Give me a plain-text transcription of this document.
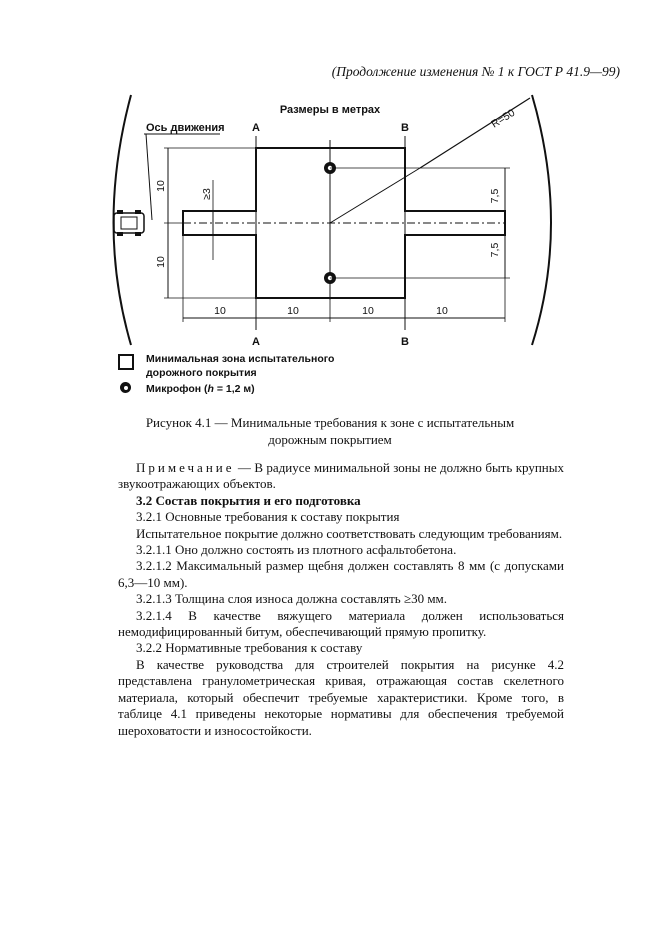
(Продолжение изменения № 1 к ГОСТ Р 41.9—99)
Размеры в метрах
Ось движения A	B
A	B
R=50
10
10
≥3	7,5
7,5
10	10	10	10
Минимальная зона испытательного
дорожного покрытия
Микрофон (h = 1,2 м)
Рисунок 4.1 — Минимальные требования к зоне с испытательным
дорожным покрытием

Примечание — В радиусе минимальной зоны не должно быть крупных звукоотражающих объектов.

3.2 Состав покрытия и его подготовка

3.2.1 Основные требования к составу покрытия

Испытательное покрытие должно соответствовать следующим требованиям.

3.2.1.1 Оно должно состоять из плотного асфальтобетона.

3.2.1.2 Максимальный размер щебня должен составлять 8 мм (с допусками 6,3—10 мм).

3.2.1.3 Толщина слоя износа должна составлять ≥30 мм.

3.2.1.4 В качестве вяжущего материала должен использоваться немодифицированный битум, обеспечивающий прямую пропитку.

3.2.2 Нормативные требования к составу

В качестве руководства для строителей покрытия на рисунке 4.2 представлена гранулометрическая кривая, отражающая состав скелетного материала, который обеспечит требуемые характеристики. Кроме того, в таблице 4.1 приведены некоторые нормативы для обеспечения требуемой шероховатости и износостойкости.
